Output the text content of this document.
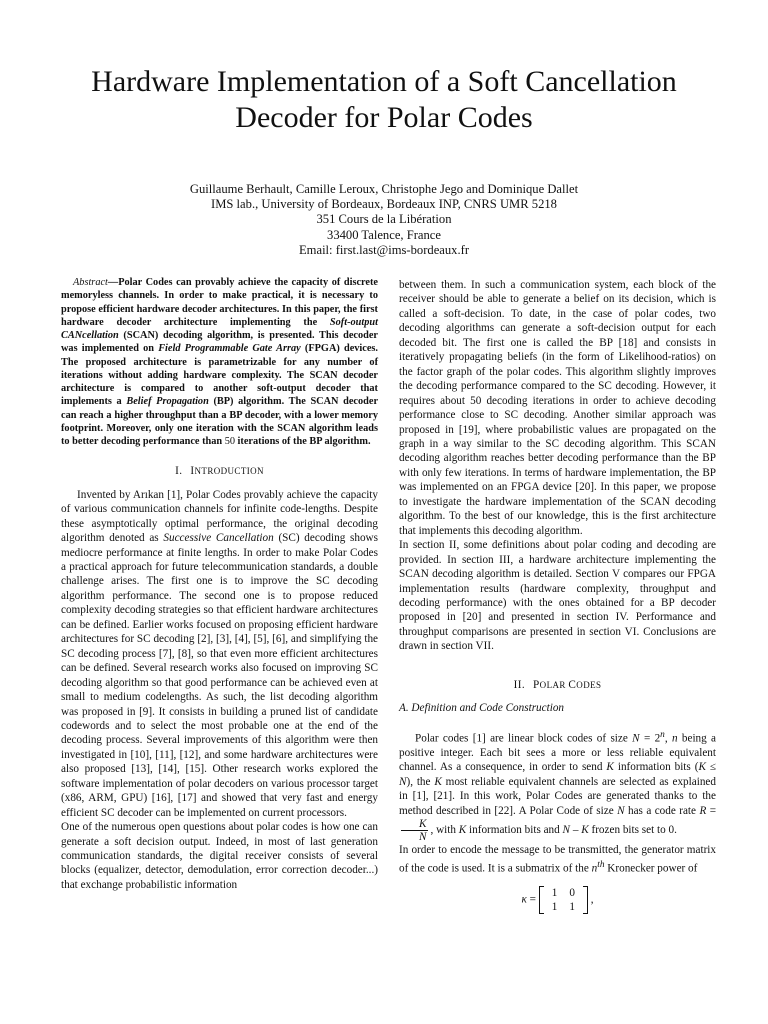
Hardware Implementation of a Soft Cancellation
Decoder for Polar Codes
Guillaume Berhault, Camille Leroux, Christophe Jego and Dominique Dallet
IMS lab., University of Bordeaux, Bordeaux INP, CNRS UMR 5218
351 Cours de la Libération
33400 Talence, France
Email: first.last@ims-bordeaux.fr

Abstract—Polar Codes can provably achieve the capacity of discrete memoryless channels. In order to make practical, it is necessary to propose efficient hardware decoder architectures. In this paper, the first hardware decoder architecture implementing the Soft-output CANcellation (SCAN) decoding algorithm, is presented. This decoder was implemented on Field Programmable Gate Array (FPGA) devices. The proposed architecture is parametrizable for any number of iterations without adding hardware complexity. The SCAN decoder architecture is compared to another soft-output decoder that implements a Belief Propagation (BP) algorithm. The SCAN decoder can reach a higher throughput than a BP decoder, with a lower memory footprint. Moreover, only one iteration with the SCAN algorithm leads to better decoding performance than 50 iterations of the BP algorithm.

I. INTRODUCTION

Invented by Arıkan [1], Polar Codes provably achieve the capacity of various communication channels for infinite code-lengths. Despite these asymptotically optimal performance, the original decoding algorithm denoted as Successive Cancellation (SC) decoding shows mediocre performance at finite lengths. In order to make Polar Codes a practical approach for future telecommunication standards, a double challenge arises. The first one is to improve the SC decoding algorithm performance. The second one is to propose reduced complexity decoding strategies so that efficient hardware architectures can be defined. Earlier works focused on proposing efficient hardware architectures for SC decoding [2], [3], [4], [5], [6], and simplifying the SC decoding process [7], [8], so that even more efficient architectures can be defined. Several research works also focused on improving SC decoding algorithm so that good performance can be achieved even at small to medium codelengths. As such, the list decoding algorithm was proposed in [9]. It consists in building a pruned list of candidate codewords and to select the most probable one at the end of the decoding process. Several improvements of this algorithm were then investigated in [10], [11], [12], and some hardware architectures were also proposed [13], [14], [15]. Other research works explored the software implementation of polar decoders on various processor target (x86, ARM, GPU) [16], [17] and showed that very fast and energy efficient SC decoder can be implemented on current processors.

One of the numerous open questions about polar codes is how one can generate a soft decision output. Indeed, in most of last generation communication standards, the digital receiver consists of several blocks (equalizer, detector, demodulation, error correction decoder...) that exchange probabilistic information

between them. In such a communication system, each block of the receiver should be able to generate a belief on its decision, which is called a soft-decision. To date, in the case of polar codes, two decoding algorithms can generate a soft-decision output for each decoded bit. The first one is called the BP [18] and consists in iteratively propagating beliefs (in the form of Likelihood-ratios) on the factor graph of the polar codes. This algorithm slightly improves the decoding performance compared to the SC decoding. However, it requires about 50 decoding iterations in order to achieve decoding performance close to SC decoding. Another similar approach was proposed in [19], where probabilistic values are propagated on the graph in a way similar to the SC decoding algorithm. This SCAN decoding algorithm reaches better decoding performance than the BP with only few iterations. In terms of hardware implementation, the BP was implemented on an FPGA device [20]. In this paper, we propose to investigate the hardware implementation of the SCAN decoding algorithm. To the best of our knowledge, this is the first architecture that implements this decoding algorithm.

In section II, some definitions about polar coding and decoding are provided. In section III, a hardware architecture implementing the SCAN decoding algorithm is detailed. Section V compares our FPGA implementation results (hardware complexity, throughput and decoding performance) with the ones obtained for a BP decoder proposed in [20] and presented in section IV. Performance and throughput comparisons are presented in section VI. Conclusions are drawn in section VII.

II. POLAR CODES

A. Definition and Code Construction

Polar codes [1] are linear block codes of size $N = 2^n$, n being a positive integer. Each bit sees a more or less reliable equivalent channel. As a consequence, in order to send K information bits (K ≤ N), the K most reliable equivalent channels are selected as explained in [1], [21]. In this work, Polar Codes are generated thanks to the method described in [22]. A Polar Code of size N has a code rate R =
$\frac{K}{N}$ , with K information bits and N – K frozen bits set to 0.

In order to encode the message to be transmitted, the generator matrix of the code is used. It is a submatrix of the $n^{th}$ Kronecker power of

κ =
1	0
1	1
,
